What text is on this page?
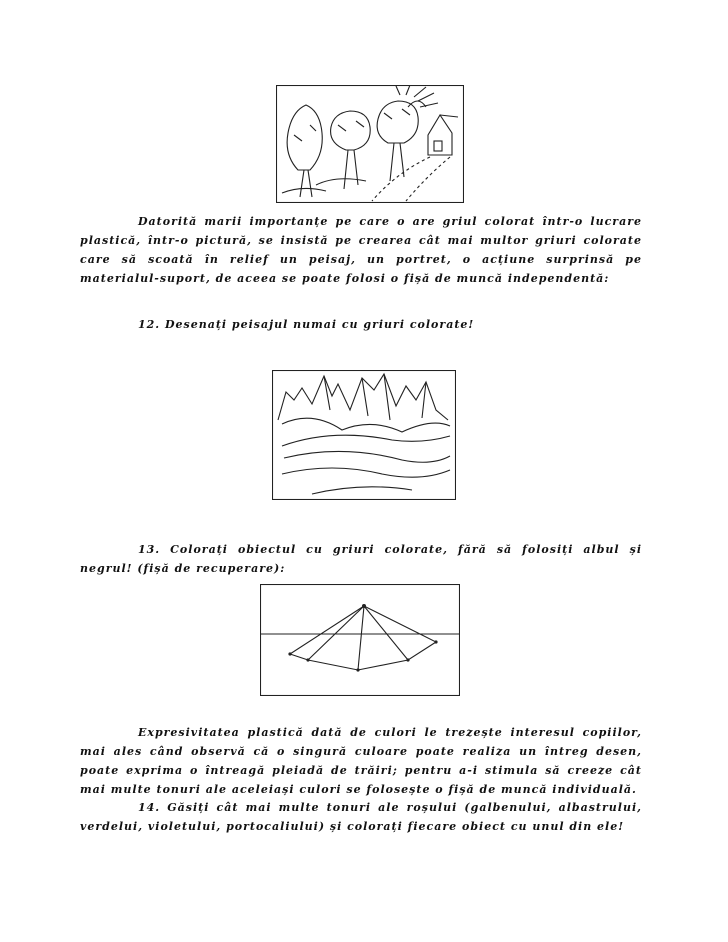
Datorită marii importanțe pe care o are griul colorat într-o lucrare plastică, într-o pictură, se insistă pe crearea cât mai multor griuri colorate care să scoată în relief un peisaj, un portret, o acțiune surprinsă pe materialul-suport, de aceea se poate folosi o fișă de muncă independentă:

12. Desenați peisajul numai cu griuri colorate!

13. Colorați obiectul cu griuri colorate, fără să folosiți albul și negrul! (fișă de recuperare):

Expresivitatea plastică dată de culori le trezește interesul copiilor, mai ales când observă că o singură culoare poate realiza un întreg desen, poate exprima o întreagă pleiadă de trăiri; pentru a-i stimula să creeze cât mai multe tonuri ale aceleiași culori se folosește o fișă de muncă individuală.

14. Găsiți cât mai multe tonuri ale roșului (galbenului, albastrului, verdelui, violetului, portocaliului) și colorați fiecare obiect cu unul din ele!
